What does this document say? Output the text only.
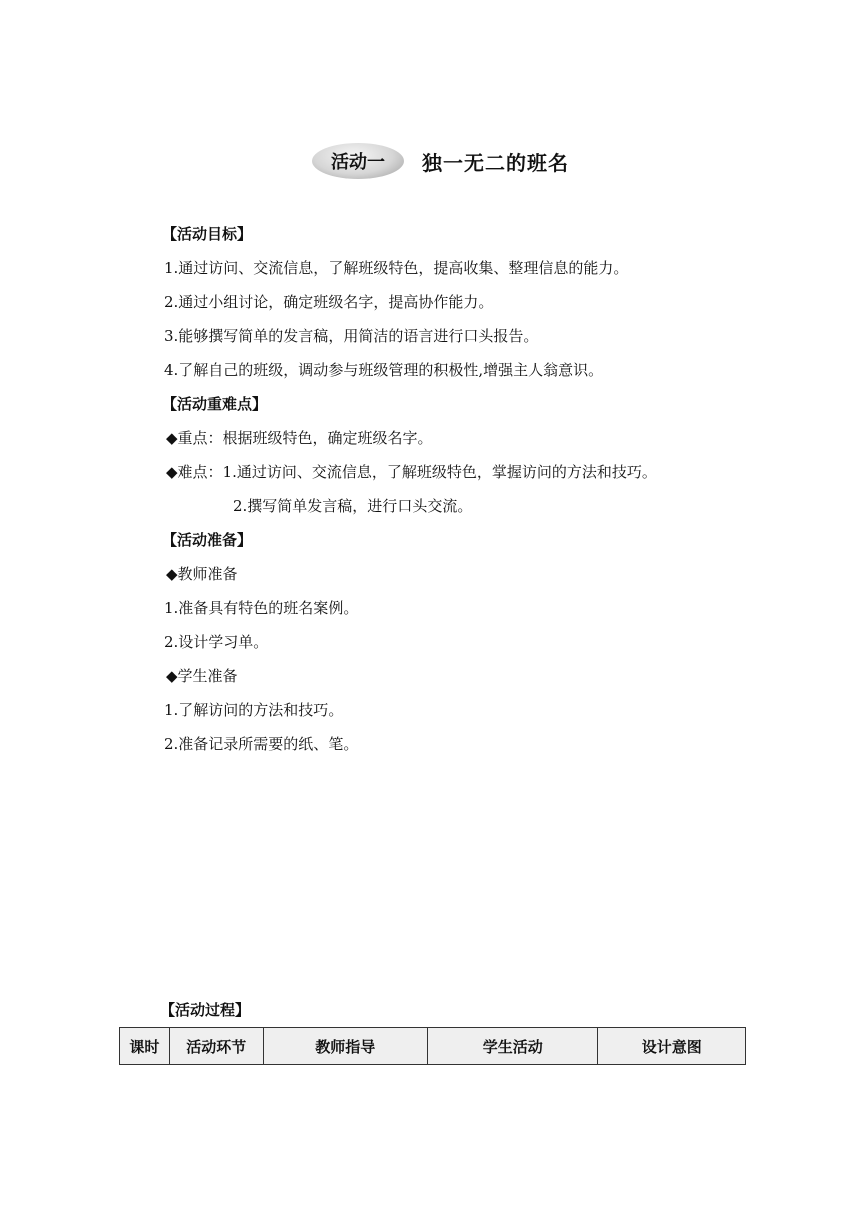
活动一	独一无二的班名
【活动目标】
1.通过访问、交流信息，了解班级特色，提高收集、整理信息的能力。
2.通过小组讨论，确定班级名字，提高协作能力。
3.能够撰写简单的发言稿，用简洁的语言进行口头报告。
4.了解自己的班级，调动参与班级管理的积极性,增强主人翁意识。
【活动重难点】
◆重点：根据班级特色，确定班级名字。
◆难点：1.通过访问、交流信息，了解班级特色，掌握访问的方法和技巧。
2.撰写简单发言稿，进行口头交流。
【活动准备】
◆教师准备
1.准备具有特色的班名案例。
2.设计学习单。
◆学生准备
1.了解访问的方法和技巧。
2.准备记录所需要的纸、笔。
【活动过程】
课时	活动环节	教师指导	学生活动	设计意图
